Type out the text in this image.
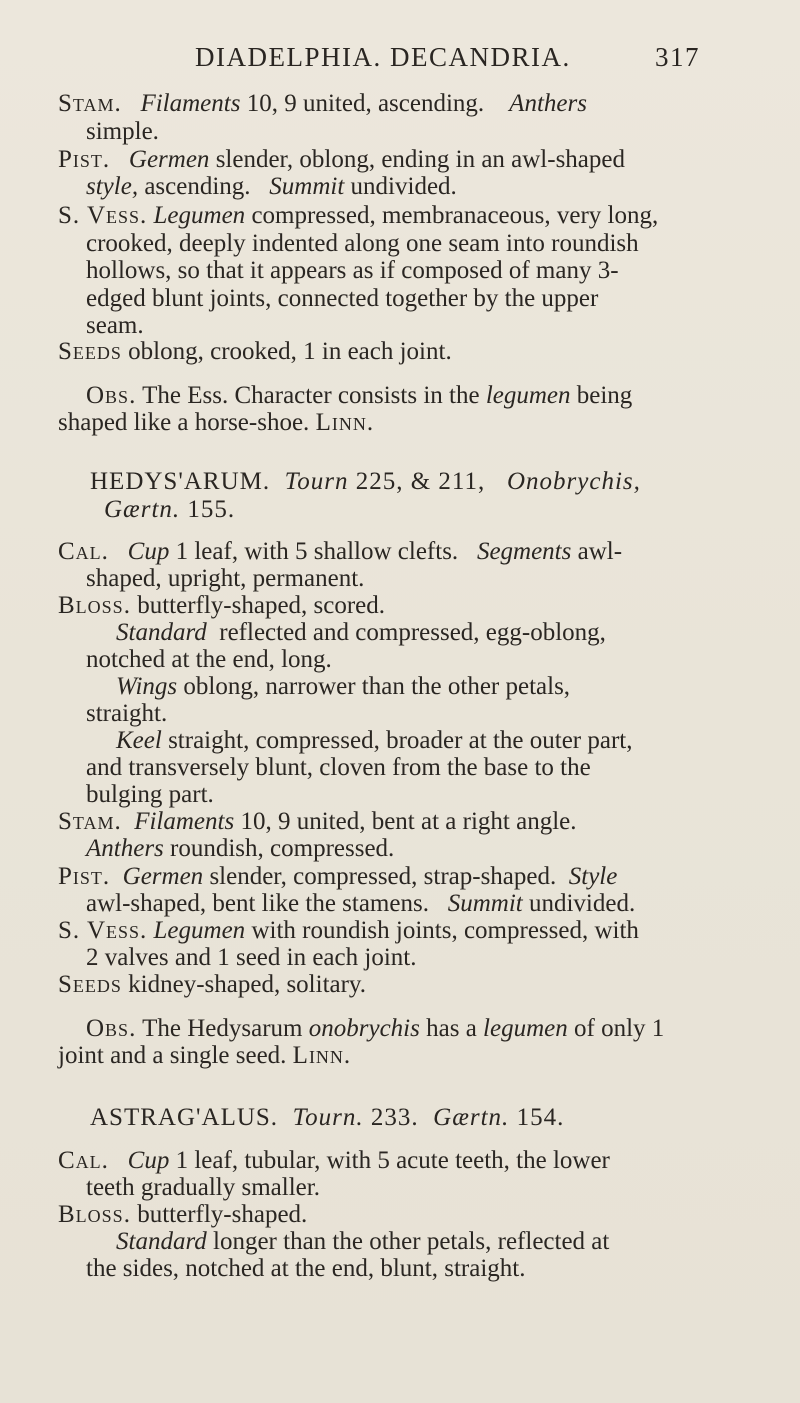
DIADELPHIA. DECANDRIA.	317
Stam. Filaments 10, 9 united, ascending. Anthers
simple.
Pist. Germen slender, oblong, ending in an awl-shaped
style, ascending. Summit undivided.
S. Vess. Legumen compressed, membranaceous, very long,
crooked, deeply indented along one seam into roundish
hollows, so that it appears as if composed of many 3-
edged blunt joints, connected together by the upper
seam.
Seeds oblong, crooked, 1 in each joint.
Obs. The Ess. Character consists in the legumen being
shaped like a horse-shoe. Linn.
HEDYS'ARUM. Tourn 225, & 211, Onobrychis,
Gærtn. 155.
Cal. Cup 1 leaf, with 5 shallow clefts. Segments awl-
shaped, upright, permanent.
Bloss. butterfly-shaped, scored.
Standard reflected and compressed, egg-oblong,
notched at the end, long.
Wings oblong, narrower than the other petals,
straight.
Keel straight, compressed, broader at the outer part,
and transversely blunt, cloven from the base to the
bulging part.
Stam. Filaments 10, 9 united, bent at a right angle.
Anthers roundish, compressed.
Pist. Germen slender, compressed, strap-shaped. Style
awl-shaped, bent like the stamens. Summit undivided.
S. Vess. Legumen with roundish joints, compressed, with
2 valves and 1 seed in each joint.
Seeds kidney-shaped, solitary.
Obs. The Hedysarum onobrychis has a legumen of only 1
joint and a single seed. Linn.
ASTRAG'ALUS. Tourn. 233. Gærtn. 154.
Cal. Cup 1 leaf, tubular, with 5 acute teeth, the lower
teeth gradually smaller.
Bloss. butterfly-shaped.
Standard longer than the other petals, reflected at
the sides, notched at the end, blunt, straight.
